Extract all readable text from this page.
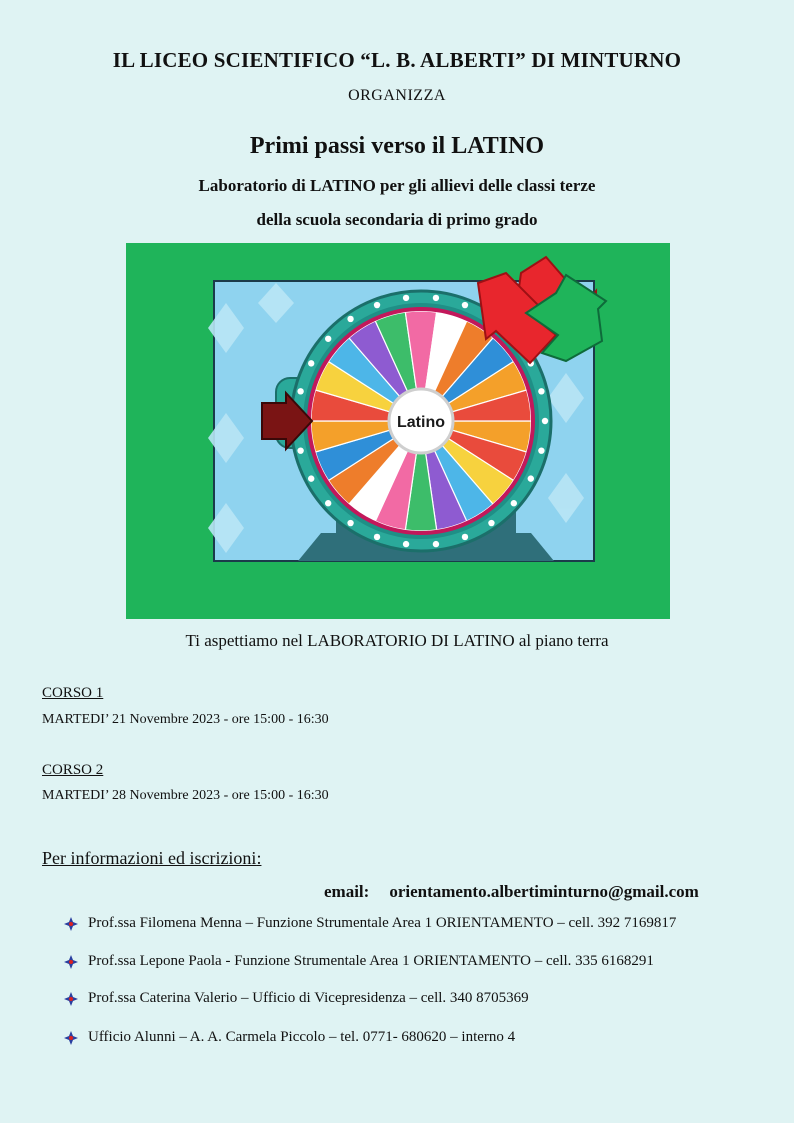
IL LICEO SCIENTIFICO “L. B. ALBERTI” DI MINTURNO
ORGANIZZA
Primi passi verso il LATINO
Laboratorio di LATINO per gli allievi delle classi terze
della scuola secondaria di primo grado
Latino
Ti aspettiamo nel LABORATORIO DI LATINO al piano terra
CORSO 1
MARTEDI’ 21 Novembre 2023 - ore 15:00 - 16:30
CORSO 2
MARTEDI’ 28 Novembre 2023 - ore 15:00 - 16:30
Per informazioni ed iscrizioni:
email: orientamento.albertiminturno@gmail.com
Prof.ssa Filomena Menna – Funzione Strumentale Area 1 ORIENTAMENTO – cell. 392 7169817
Prof.ssa Lepone Paola - Funzione Strumentale Area 1 ORIENTAMENTO – cell. 335 6168291
Prof.ssa Caterina Valerio – Ufficio di Vicepresidenza – cell. 340 8705369
Ufficio Alunni – A. A. Carmela Piccolo – tel. 0771- 680620 – interno 4
